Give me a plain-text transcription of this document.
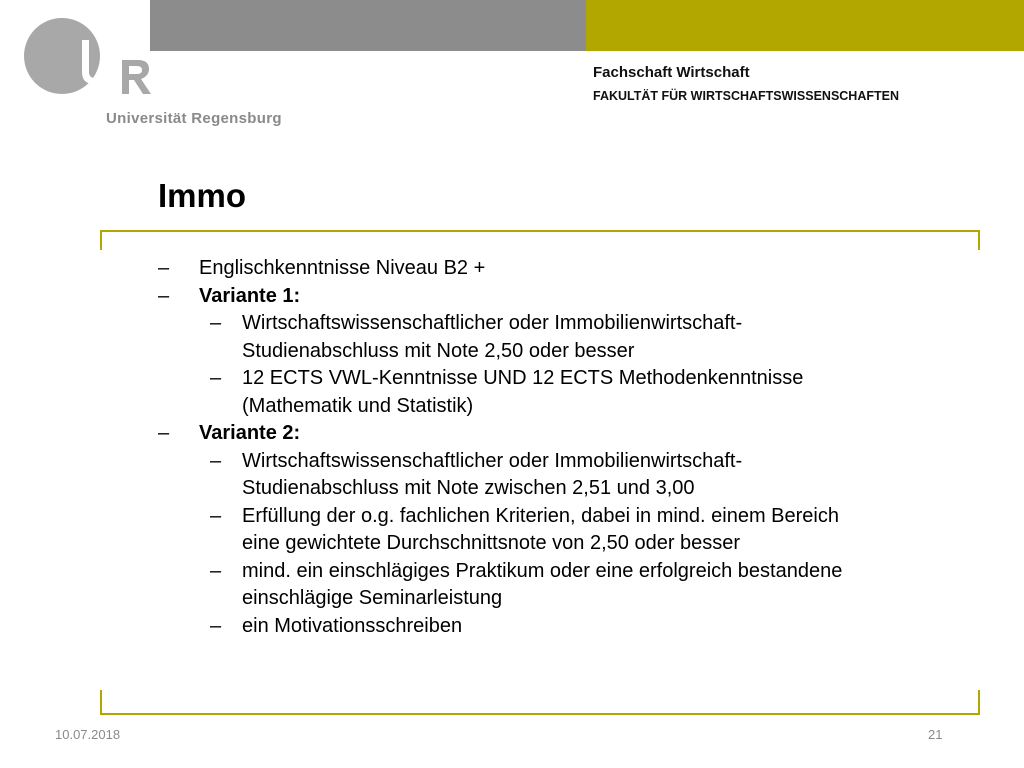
Universität Regensburg
Fachschaft Wirtschaft
FAKULTÄT FÜR WIRTSCHAFTSWISSENSCHAFTEN
Immo
– Englischkenntnisse Niveau B2 +
– Variante 1:
– Wirtschaftswissenschaftlicher oder Immobilienwirtschaft-
Studienabschluss mit Note 2,50 oder besser
– 12 ECTS VWL-Kenntnisse UND 12 ECTS Methodenkenntnisse
(Mathematik und Statistik)
– Variante 2:
– Wirtschaftswissenschaftlicher oder Immobilienwirtschaft-
Studienabschluss mit Note zwischen 2,51 und 3,00
– Erfüllung der o.g. fachlichen Kriterien, dabei in mind. einem Bereich
eine gewichtete Durchschnittsnote von 2,50 oder besser
– mind. ein einschlägiges Praktikum oder eine erfolgreich bestandene
einschlägige Seminarleistung
– ein Motivationsschreiben
10.07.2018	21
